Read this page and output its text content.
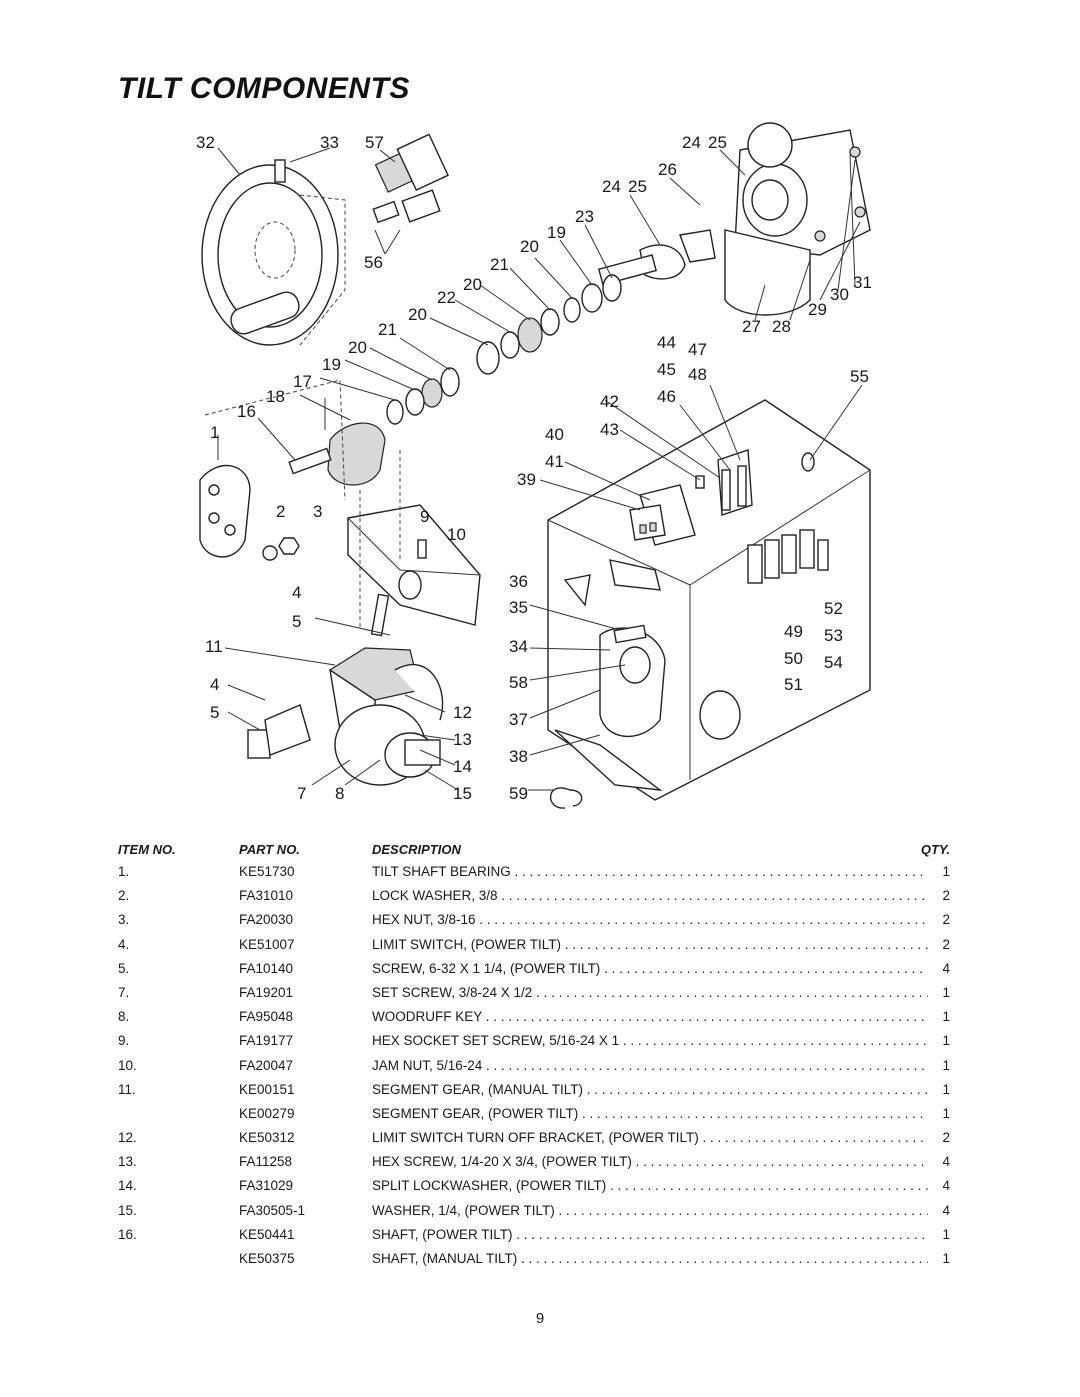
TILT COMPONENTS
32	33 57	24 25
26
24 25
23
19
20
21
20
22
20
56
21
20
19
17
18
16
1
27 28
29
30
31
44 47
45 48	55
42 46
43
40
41
39
2 3	9
10
36
4
35	52
5
49 53
11	34
50 54
51
4	58
5	12 37
13
38
14
7 8	15 59
ITEM NO.	PART NO.	DESCRIPTION	QTY.
1.	KE51730	TILT SHAFT BEARING . . .	1
2.	FA31010	LOCK WASHER, 3/8 . . .	2
3.	FA20030	HEX NUT, 3/8-16 . . .	2
4.	KE51007	LIMIT SWITCH, (POWER TILT) . . .	2
5.	FA10140	SCREW, 6-32 X 1 1/4, (POWER TILT) . . .	4
7.	FA19201	SET SCREW, 3/8-24 X 1/2 . . .	1
8.	FA95048	WOODRUFF KEY . . .	1
9.	FA19177	HEX SOCKET SET SCREW, 5/16-24 X 1 . . .	1
10.	FA20047	JAM NUT, 5/16-24 . . .	1
11.	KE00151	SEGMENT GEAR, (MANUAL TILT) . . .	1
KE00279	SEGMENT GEAR, (POWER TILT) . . .	1
12.	KE50312	LIMIT SWITCH TURN OFF BRACKET, (POWER TILT) . . .	2
13.	FA11258	HEX SCREW, 1/4-20 X 3/4, (POWER TILT) . . .	4
14.	FA31029	SPLIT LOCKWASHER, (POWER TILT) . . .	4
15.	FA30505-1	WASHER, 1/4, (POWER TILT) . . .	4
16.	KE50441	SHAFT, (POWER TILT) . . .	1
KE50375	SHAFT, (MANUAL TILT) . . .	1
9
